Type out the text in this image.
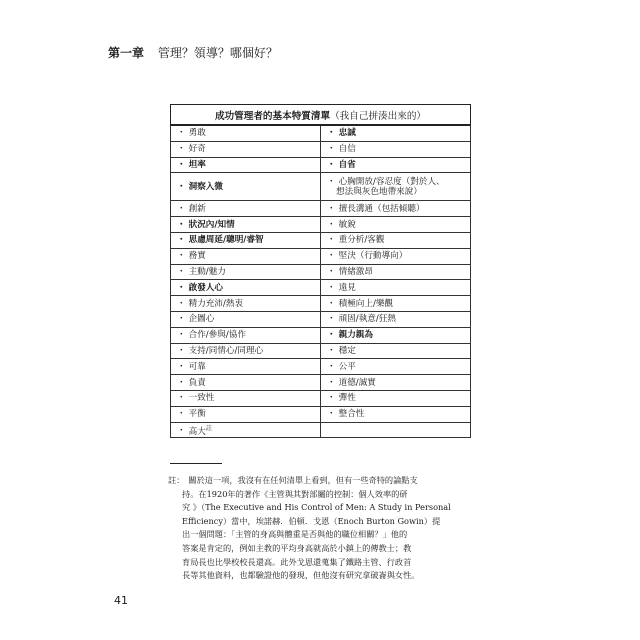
第一章 管理？領導？哪個好？
成功管理者的基本特質清單（我自己拼湊出來的）	
・ 勇敢	・ 忠誠
・ 好奇	・ 自信
・ 坦率	・ 自省
・ 洞察入微	・ 心胸開放/容忍度（對於人、
想法與灰色地帶來說）

・ 創新	・ 擅長溝通（包括傾聽）
・ 狀況內/知情	・ 敏銳
・ 思慮周延/聰明/睿智	・ 重分析/客觀
・ 務實	・ 堅決（行動導向）
・ 主動/魅力	・ 情緒激昂
・ 啟發人心	・ 遠見
・ 精力充沛/熱衷	・ 積極向上/樂觀
・ 企圖心	・ 頑固/執意/狂熱
・ 合作/參與/協作	・ 親力親為
・ 支持/同情心/同理心	・ 穩定
・ 可靠	・ 公平
・ 負責	・ 道德/誠實
・ 一致性	・ 彈性
・ 平衡	・ 整合性
・ 高大$^註$	
註： 關於這一項，我沒有在任何清單上看到，但有一些奇特的論點支
持。在1920年的著作《主管與其對部屬的控制：個人效率的研
究 》（The Executive and His Control of Men: A Study in Personal
Efficiency）當中，埃諾赫．伯頓．戈恩（Enoch Burton Gowin）提
出一個問題：「主管的身高與體重是否與他的職位相關？」他的
答案是肯定的，例如主教的平均身高就高於小鎮上的傳教士；教
育局長也比學校校長還高。此外戈恩還蒐集了鐵路主管、行政首
長等其他資料，也都驗證他的發現，但他沒有研究拿破崙與女性。
41
